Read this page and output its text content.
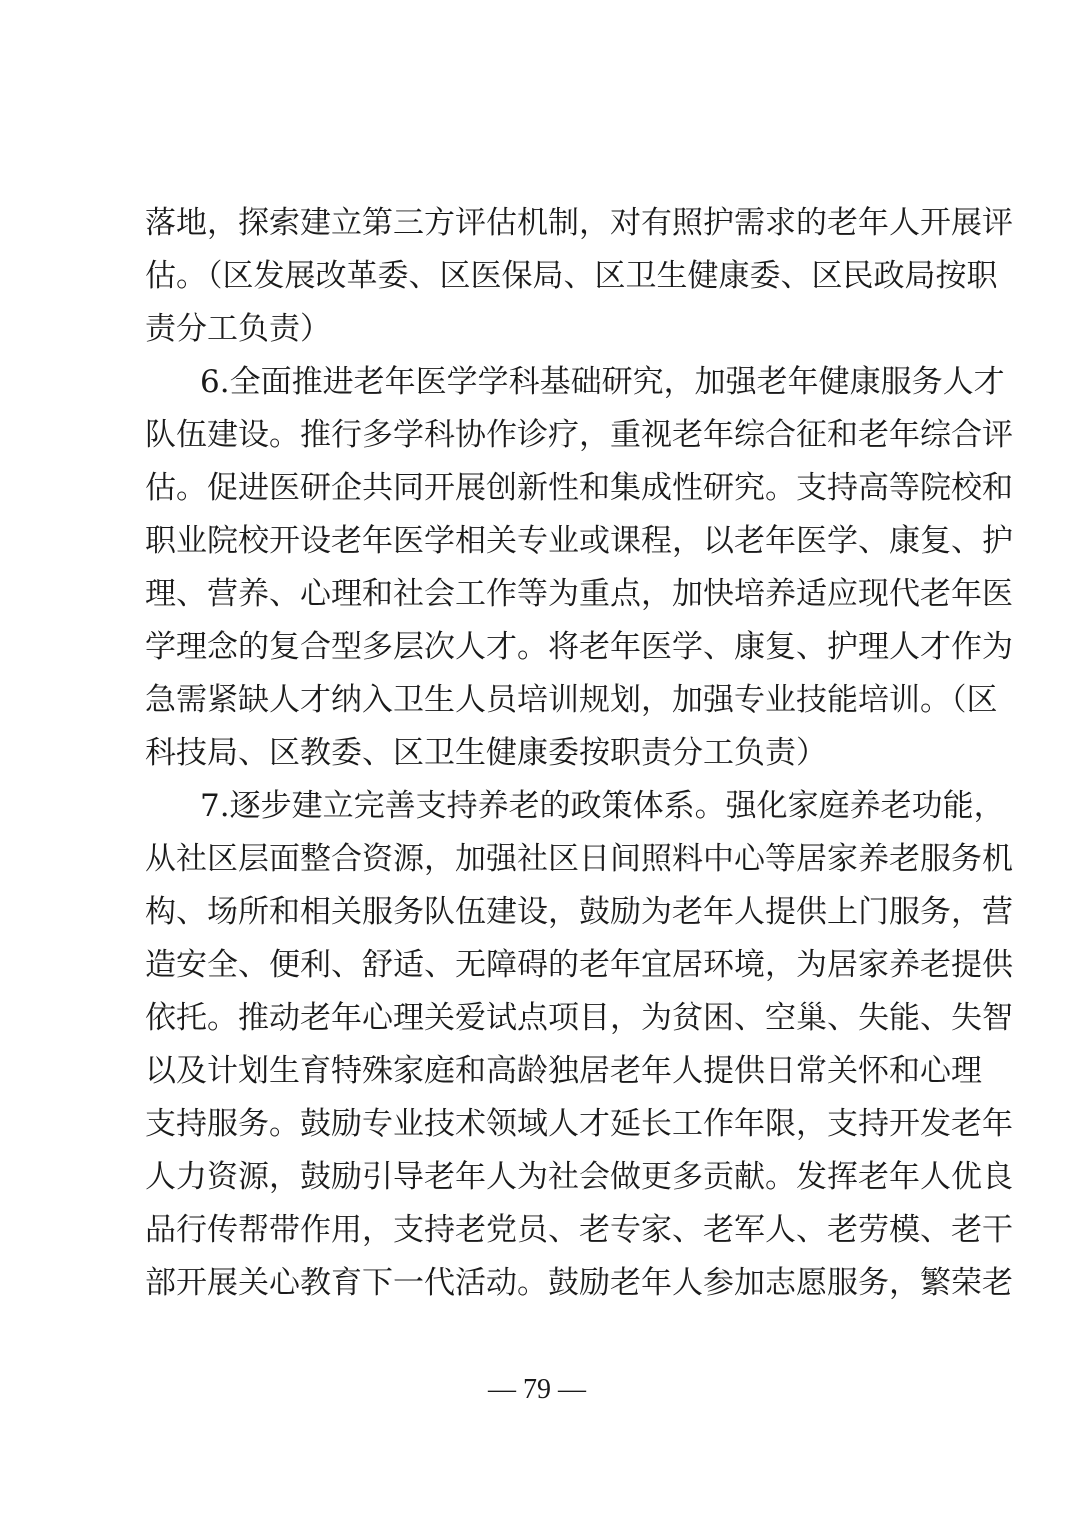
落地，探索建立第三方评估机制，对有照护需求的老年人开展评
估。（区发展改革委、区医保局、区卫生健康委、区民政局按职
责分工负责）
6.全面推进老年医学学科基础研究，加强老年健康服务人才
队伍建设。推行多学科协作诊疗，重视老年综合征和老年综合评
估。促进医研企共同开展创新性和集成性研究。支持高等院校和
职业院校开设老年医学相关专业或课程，以老年医学、康复、护
理、营养、心理和社会工作等为重点，加快培养适应现代老年医
学理念的复合型多层次人才。将老年医学、康复、护理人才作为
急需紧缺人才纳入卫生人员培训规划，加强专业技能培训。（区
科技局、区教委、区卫生健康委按职责分工负责）
7.逐步建立完善支持养老的政策体系。强化家庭养老功能，
从社区层面整合资源，加强社区日间照料中心等居家养老服务机
构、场所和相关服务队伍建设，鼓励为老年人提供上门服务，营
造安全、便利、舒适、无障碍的老年宜居环境，为居家养老提供
依托。推动老年心理关爱试点项目，为贫困、空巢、失能、失智
以及计划生育特殊家庭和高龄独居老年人提供日常关怀和心理
支持服务。鼓励专业技术领域人才延长工作年限，支持开发老年
人力资源，鼓励引导老年人为社会做更多贡献。发挥老年人优良
品行传帮带作用，支持老党员、老专家、老军人、老劳模、老干
部开展关心教育下一代活动。鼓励老年人参加志愿服务，繁荣老
— 79 —
